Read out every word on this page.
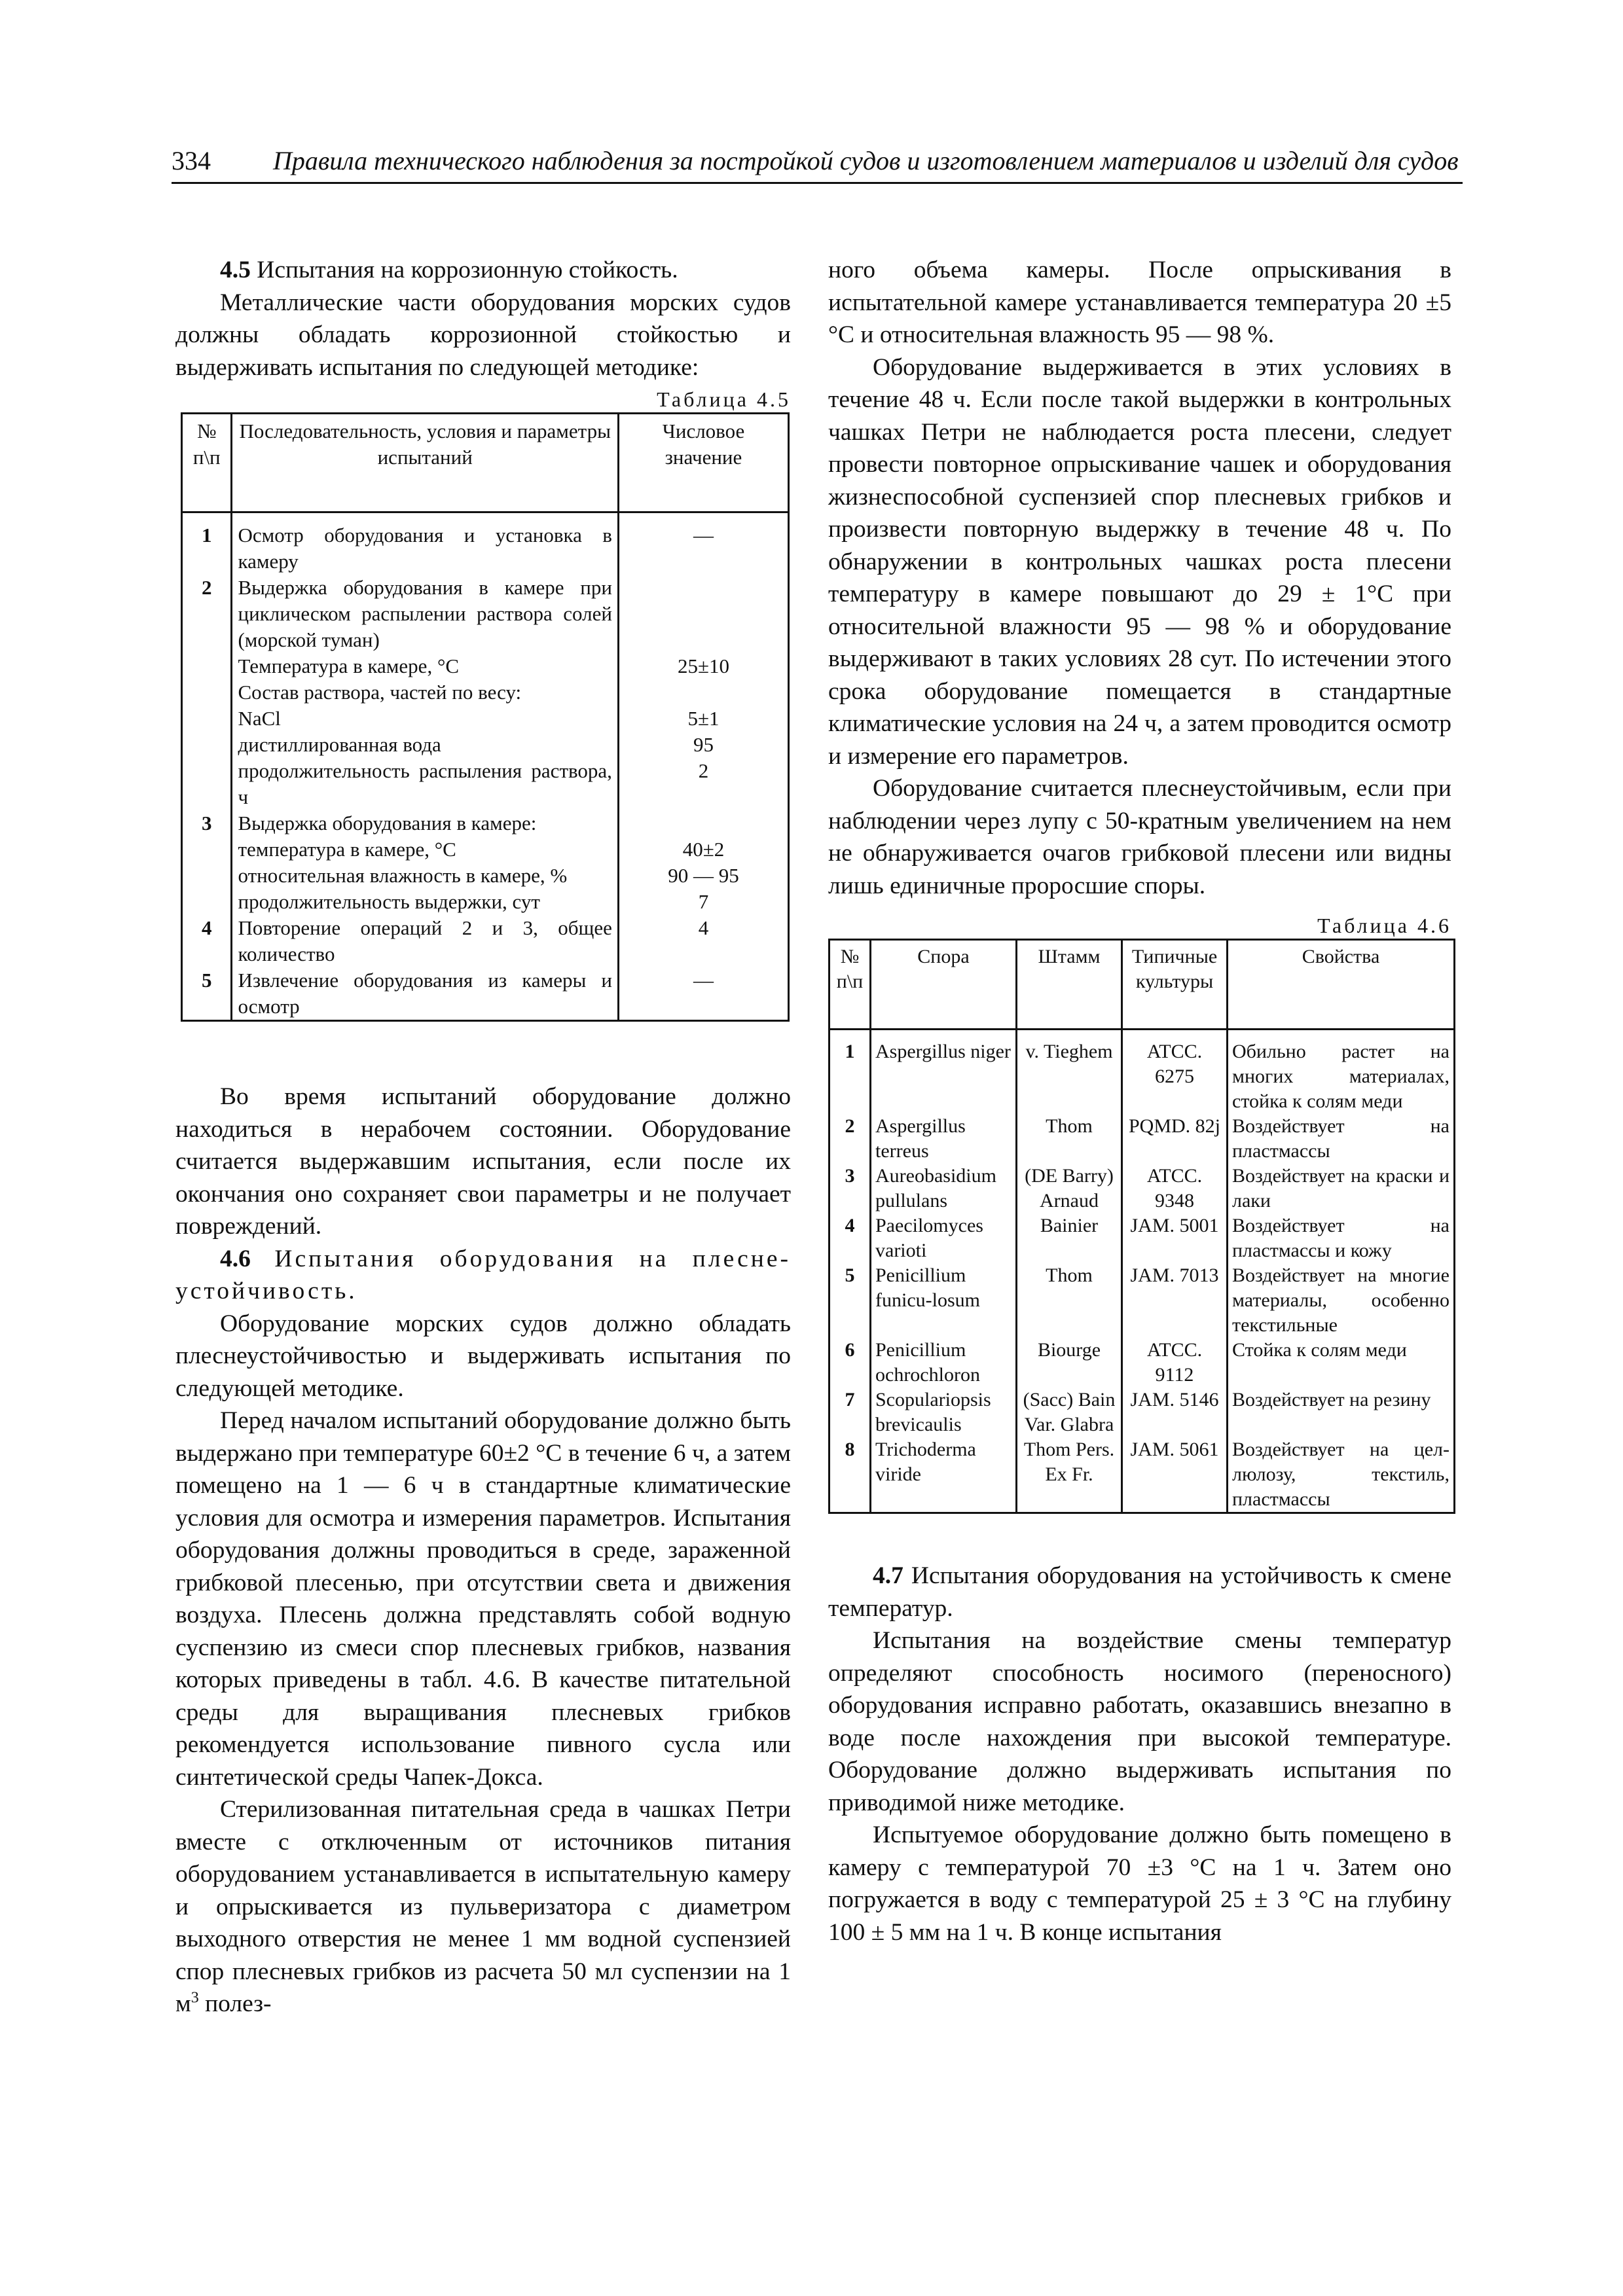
334 Правила технического наблюдения за постройкой судов и изготовлением материалов и изделий для судов

4.5 Испытания на коррозионную стойкость.

Металлические части оборудования морских судов должны обладать коррозионной стойкостью и выдерживать испытания по следующей методике:

Таблица 4.5
№ п\п	Последовательность, условия и параметры испытаний	Числовое значение
1	Осмотр оборудования и установка в камеру	—
2	Выдержка оборудования в камере при циклическом распылении раствора солей (морской туман)	
	Температура в камере, °С	25±10
	Состав раствора, частей по весу:	
	NaCl	5±1
	дистиллированная вода	95
	продолжительность распыления раствора, ч	2
3	Выдержка оборудования в камере:	
	температура в камере, °С	40±2
	относительная влажность в камере, %	90 — 95
	продолжительность выдержки, сут	7
4	Повторение операций 2 и 3, общее количество	4
5	Извлечение оборудования из камеры и осмотр	—

Во время испытаний оборудование должно находиться в нерабочем состоянии. Оборудование считается выдержавшим испытания, если после их окончания оно сохраняет свои параметры и не получает повреждений.

4.6 Испытания оборудования на плесне-устойчивость.

Оборудование морских судов должно обладать плеснеустойчивостью и выдерживать испытания по следующей методике.

Перед началом испытаний оборудование должно быть выдержано при температуре 60±2 °С в течение 6 ч, а затем помещено на 1 — 6 ч в стандартные климатические условия для осмотра и измерения параметров. Испытания оборудования должны проводиться в среде, зараженной грибковой плесенью, при отсутствии света и движения воздуха. Плесень должна представлять собой водную суспензию из смеси спор плесневых грибков, названия которых приведены в табл. 4.6. В качестве питательной среды для выращивания плесневых грибков рекомендуется использование пивного сусла или синтетической среды Чапек-Докса.

Стерилизованная питательная среда в чашках Петри вместе с отключенным от источников питания оборудованием устанавливается в испытательную камеру и опрыскивается из пульверизатора с диаметром выходного отверстия не менее 1 мм водной суспензией спор плесневых грибков из расчета 50 мл суспензии на 1 $м^3$ полез-

ного объема камеры. После опрыскивания в испытательной камере устанавливается температура 20 ±5 °С и относительная влажность 95 — 98 %.

Оборудование выдерживается в этих условиях в течение 48 ч. Если после такой выдержки в контрольных чашках Петри не наблюдается роста плесени, следует провести повторное опрыскивание чашек и оборудования жизнеспособной суспензией спор плесневых грибков и произвести повторную выдержку в течение 48 ч. По обнаружении в контрольных чашках роста плесени температуру в камере повышают до 29 ± 1°С при относительной влажности 95 — 98 % и оборудование выдерживают в таких условиях 28 сут. По истечении этого срока оборудование помещается в стандартные климатические условия на 24 ч, а затем проводится осмотр и измерение его параметров.

Оборудование считается плеснеустойчивым, если при наблюдении через лупу с 50-кратным увеличением на нем не обнаруживается очагов грибковой плесени или видны лишь единичные проросшие споры.

Таблица 4.6
№ п\п	Спора	Штамм	Типичные культуры	Свойства
1	Aspergillus niger	v. Tieghem	ATCC. 6275	Обильно растет на многих материалах, стойка к солям меди
2	Aspergillus terreus	Thom	PQMD. 82j	Воздействует на пластмассы
3	Aureobasidium pullulans	(DE Barry) Arnaud	ATCC. 9348	Воздействует на краски и лаки
4	Paecilomyces varioti	Bainier	JAM. 5001	Воздействует на пластмассы и кожу
5	Penicillium funicu-losum	Thom	JAM. 7013	Воздействует на многие материалы, особенно текстильные
6	Penicillium ochrochloron	Biourge	ATCC. 9112	Стойка к солям меди
7	Scopulariopsis brevicaulis	(Sacc) Bain Var. Glabra	JAM. 5146	Воздействует на резину
8	Trichoderma viride	Thom Pers. Ex Fr.	JAM. 5061	Воздействует на цел-люлозу, текстиль, пластмассы

4.7 Испытания оборудования на устойчивость к смене температур.

Испытания на воздействие смены температур определяют способность носимого (переносного) оборудования исправно работать, оказавшись внезапно в воде после нахождения при высокой температуре. Оборудование должно выдерживать испытания по приводимой ниже методике.

Испытуемое оборудование должно быть помещено в камеру с температурой 70 ±3 °С на 1 ч. Затем оно погружается в воду с температурой 25 ± 3 °С на глубину 100 ± 5 мм на 1 ч. В конце испытания
